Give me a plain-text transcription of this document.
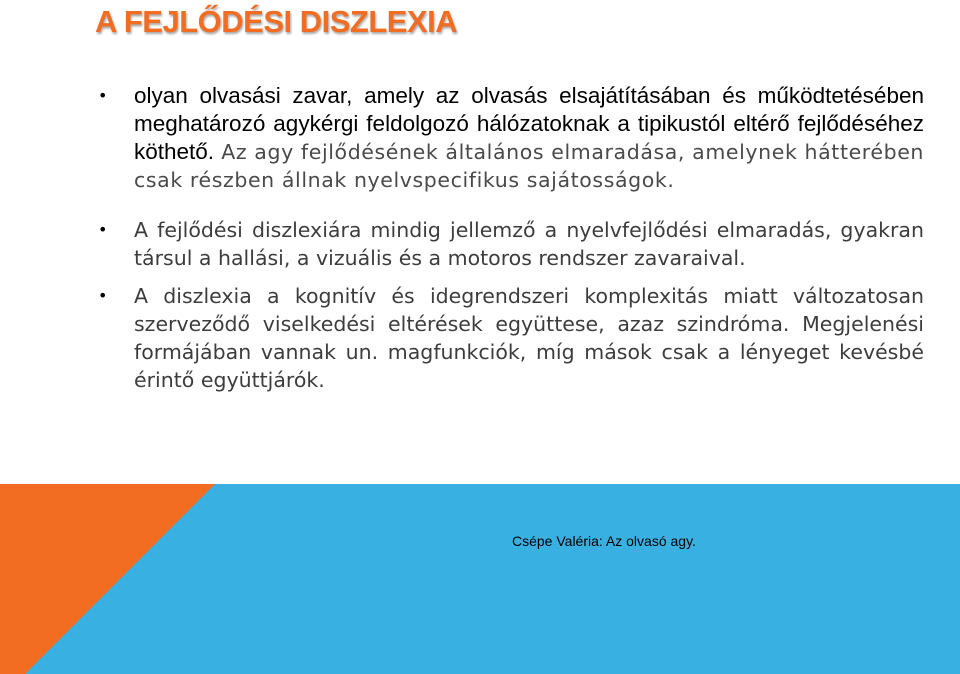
A FEJLŐDÉSI DISZLEXIA
• olyan olvasási zavar, amely az olvasás elsajátításában és működtetésében meghatározó agykérgi feldolgozó hálózatoknak a tipikustól eltérő fejlődéséhez köthető. Az agy fejlődésének általános elmaradása, amelynek hátterében csak részben állnak nyelvspecifikus sajátosságok.
• A fejlődési diszlexiára mindig jellemző a nyelvfejlődési elmaradás, gyakran társul a hallási, a vizuális és a motoros rendszer zavaraival.
• A diszlexia a kognitív és idegrendszeri komplexitás miatt változatosan szerveződő viselkedési eltérések együttese, azaz szindróma. Megjelenési formájában vannak un. magfunkciók, míg mások csak a lényeget kevésbé érintő együttjárók.
Csépe Valéria: Az olvasó agy.
